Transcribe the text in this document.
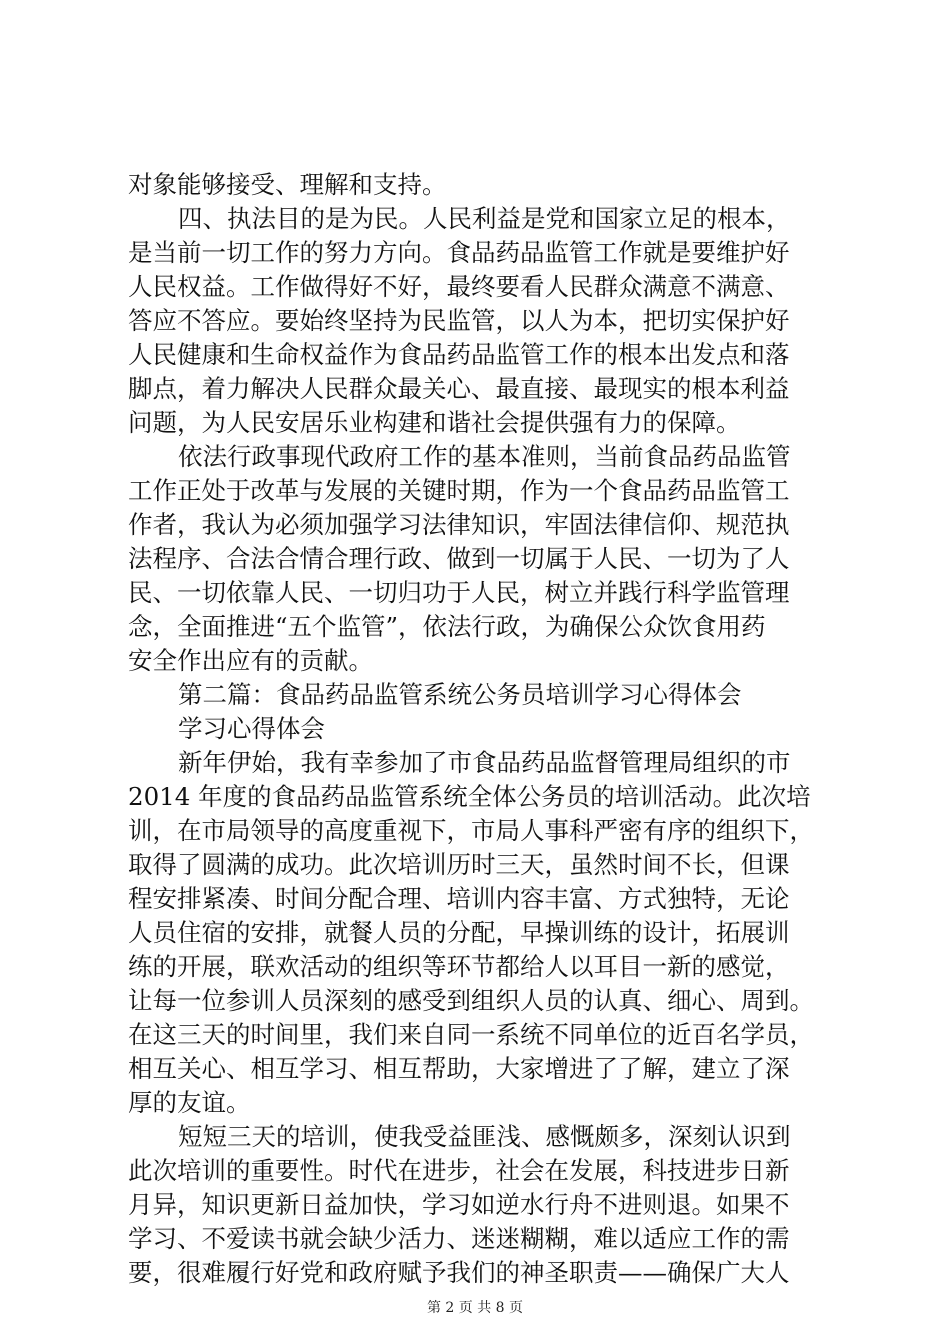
对象能够接受、理解和支持。
四、执法目的是为民。人民利益是党和国家立足的根本，
是当前一切工作的努力方向。食品药品监管工作就是要维护好
人民权益。工作做得好不好，最终要看人民群众满意不满意、
答应不答应。要始终坚持为民监管，以人为本，把切实保护好
人民健康和生命权益作为食品药品监管工作的根本出发点和落
脚点，着力解决人民群众最关心、最直接、最现实的根本利益
问题，为人民安居乐业构建和谐社会提供强有力的保障。
依法行政事现代政府工作的基本准则，当前食品药品监管
工作正处于改革与发展的关键时期，作为一个食品药品监管工
作者，我认为必须加强学习法律知识，牢固法律信仰、规范执
法程序、合法合情合理行政、做到一切属于人民、一切为了人
民、一切依靠人民、一切归功于人民，树立并践行科学监管理
念，全面推进“五个监管”，依法行政，为确保公众饮食用药
安全作出应有的贡献。
第二篇：食品药品监管系统公务员培训学习心得体会
学习心得体会
新年伊始，我有幸参加了市食品药品监督管理局组织的市
2014 年度的食品药品监管系统全体公务员的培训活动。此次培
训，在市局领导的高度重视下，市局人事科严密有序的组织下，
取得了圆满的成功。此次培训历时三天，虽然时间不长，但课
程安排紧凑、时间分配合理、培训内容丰富、方式独特，无论
人员住宿的安排，就餐人员的分配，早操训练的设计，拓展训
练的开展，联欢活动的组织等环节都给人以耳目一新的感觉，
让每一位参训人员深刻的感受到组织人员的认真、细心、周到。
在这三天的时间里，我们来自同一系统不同单位的近百名学员，
相互关心、相互学习、相互帮助，大家增进了了解，建立了深
厚的友谊。
短短三天的培训，使我受益匪浅、感慨颇多，深刻认识到
此次培训的重要性。时代在进步，社会在发展，科技进步日新
月异，知识更新日益加快，学习如逆水行舟不进则退。如果不
学习、不爱读书就会缺少活力、迷迷糊糊，难以适应工作的需
要，很难履行好党和政府赋予我们的神圣职责——确保广大人
第 2 页 共 8 页
